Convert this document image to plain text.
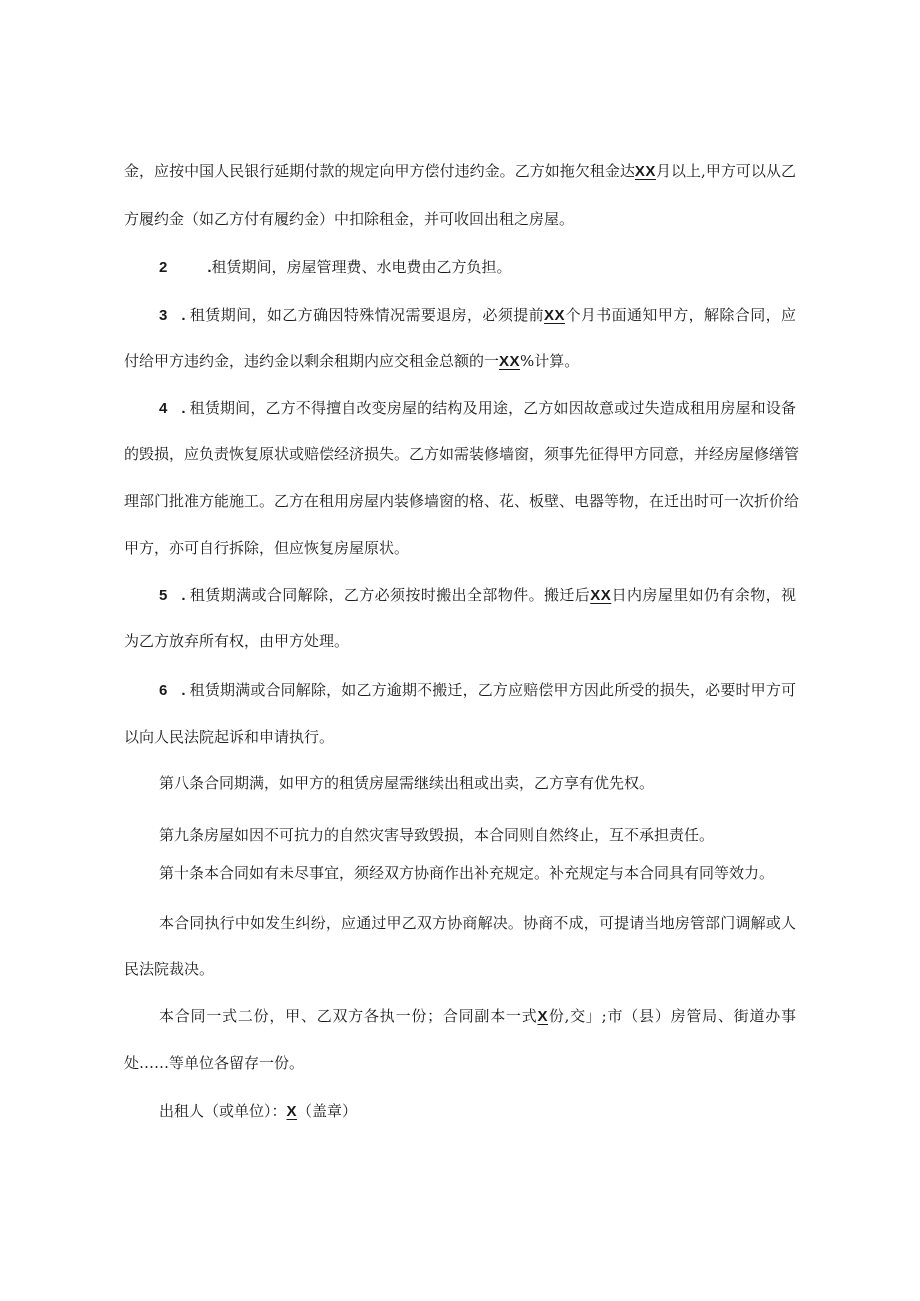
金，应按中国人民银行延期付款的规定向甲方偿付违约金。乙方如拖欠租金达XX月以上,甲方可以从乙
方履约金（如乙方付有履约金）中扣除租金，并可收回出租之房屋。
2	.租赁期间，房屋管理费、水电费由乙方负担。
3 . 租赁期间，如乙方确因特殊情况需要退房，必须提前XX个月书面通知甲方，解除合同，应
付给甲方违约金，违约金以剩余租期内应交租金总额的一XX%计算。
4 . 租赁期间，乙方不得擅自改变房屋的结构及用途，乙方如因故意或过失造成租用房屋和设备
的毁损，应负责恢复原状或赔偿经济损失。乙方如需装修墙窗，须事先征得甲方同意，并经房屋修缮管
理部门批准方能施工。乙方在租用房屋内装修墙窗的格、花、板壁、电器等物，在迁出时可一次折价给
甲方，亦可自行拆除，但应恢复房屋原状。
5 . 租赁期满或合同解除，乙方必须按时搬出全部物件。搬迁后XX日内房屋里如仍有余物，视
为乙方放弃所有权，由甲方处理。
6 . 租赁期满或合同解除，如乙方逾期不搬迁，乙方应赔偿甲方因此所受的损失，必要时甲方可
以向人民法院起诉和申请执行。
第八条合同期满，如甲方的租赁房屋需继续出租或出卖，乙方享有优先权。
第九条房屋如因不可抗力的自然灾害导致毁损，本合同则自然终止，互不承担责任。
第十条本合同如有未尽事宜，须经双方协商作出补充规定。补充规定与本合同具有同等效力。
本合同执行中如发生纠纷，应通过甲乙双方协商解决。协商不成，可提请当地房管部门调解或人
民法院裁决。
本合同一式二份，甲、乙双方各执一份；合同副本一式X份,交」;市（县）房管局、街道办事
处……等单位各留存一份。
出租人（或单位）：X（盖章）
